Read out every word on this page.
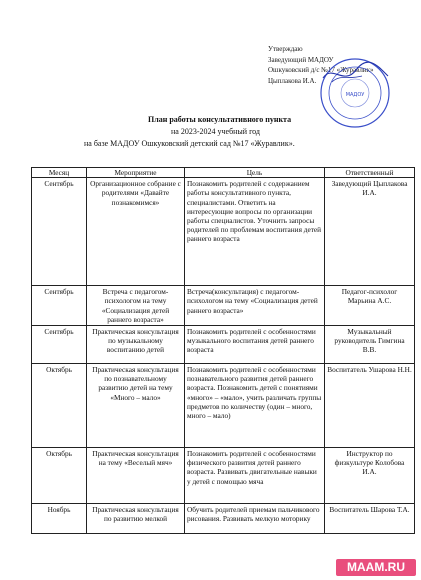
Утверждаю
Заведующий МАДОУ
Ошкуковский д/с №17 «Журавлик»
Цыплакова И.А.
МАДОУ
План работы консультативного пункта
на 2023-2024 учебный год
на базе МАДОУ Ошкуковский детский сад №17 «Журавлик».
Месяц	Мероприятие	Цель	Ответственный
Сентябрь	Организационное собрание с родителями «Давайте познакомимся»	Познакомить родителей с содержанием работы консультативного пункта, специалистами. Ответить на интересующие вопросы по организации работы специалистов. Уточнить запросы родителей по проблемам воспитания детей раннего возраста	Заведующий Цыплакова И.А.
Сентябрь	Встреча с педагогом-психологом на тему «Социализация детей раннего возраста»	Встреча(консультация) с педагогом- психологом на тему «Социализация детей раннего возраста»	Педагог-психолог Марьина А.С.
Сентябрь	Практическая консультация по музыкальному воспитанию детей	Познакомить родителей с особенностями музыкального воспитания детей раннего возраста	Музыкальный руководитель Гимгина В.В.
Октябрь	Практическая консультация по познавательному развитию детей на тему «Много – мало»	Познакомить родителей с особенностями познавательного развития детей раннего возраста. Познакомить детей с понятиями «много» – «мало», учить различать группы предметов по количеству (один – много, много – мало)	Воспитатель Ушарова Н.Н.
Октябрь	Практическая консультация на тему «Веселый мяч»	Познакомить родителей с особенностями физического развития детей раннего возраста. Развивать двигательные навыки у детей с помощью мяча	Инструктор по физкультуре Колобова И.А.
Ноябрь	Практическая консультация по развитию мелкой	Обучить родителей приемам пальчикового рисования. Развивать мелкую моторику	Воспитатель Шарова Т.А.
MAAM.RU
